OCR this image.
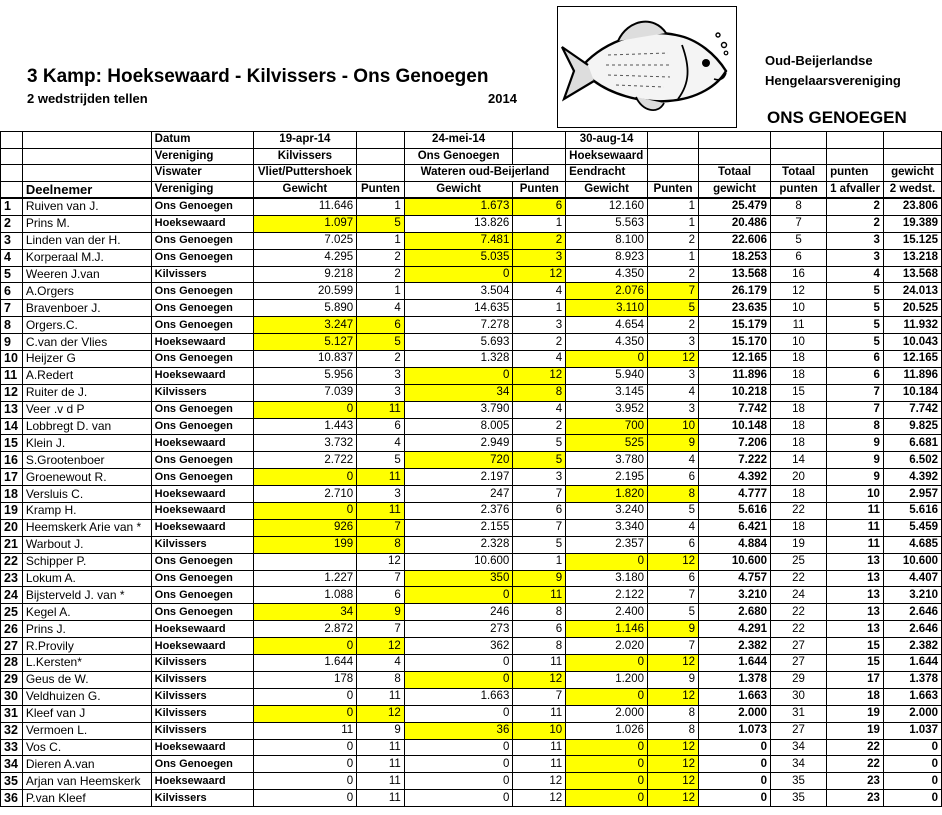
3 Kamp: Hoeksewaard - Kilvissers - Ons Genoegen
2 wedstrijden tellen	2014
Oud-Beijerlandse
Hengelaarsvereniging
ONS GENOEGEN
		Datum	19-apr-14		24-mei-14		30-aug-14					
		Vereniging	Kilvissers		Ons Genoegen		Hoeksewaard					
		Viswater	Vliet/Puttershoek		Wateren oud-Beijerland		Eendracht		Totaal	Totaal	punten	gewicht
	Deelnemer	Vereniging	Gewicht	Punten	Gewicht	Punten	Gewicht	Punten	gewicht	punten	1 afvaller	2 wedst.
1	Ruiven van J.	Ons Genoegen	11.646	1	1.673	6	12.160	1	25.479	8	2	23.806
2	Prins M.	Hoeksewaard	1.097	5	13.826	1	5.563	1	20.486	7	2	19.389
3	Linden van der H.	Ons Genoegen	7.025	1	7.481	2	8.100	2	22.606	5	3	15.125
4	Korperaal M.J.	Ons Genoegen	4.295	2	5.035	3	8.923	1	18.253	6	3	13.218
5	Weeren J.van	Kilvissers	9.218	2	0	12	4.350	2	13.568	16	4	13.568
6	A.Orgers	Ons Genoegen	20.599	1	3.504	4	2.076	7	26.179	12	5	24.013
7	Bravenboer J.	Ons Genoegen	5.890	4	14.635	1	3.110	5	23.635	10	5	20.525
8	Orgers.C.	Ons Genoegen	3.247	6	7.278	3	4.654	2	15.179	11	5	11.932
9	C.van der Vlies	Hoeksewaard	5.127	5	5.693	2	4.350	3	15.170	10	5	10.043
10	Heijzer G	Ons Genoegen	10.837	2	1.328	4	0	12	12.165	18	6	12.165
11	A.Redert	Hoeksewaard	5.956	3	0	12	5.940	3	11.896	18	6	11.896
12	Ruiter de J.	Kilvissers	7.039	3	34	8	3.145	4	10.218	15	7	10.184
13	Veer .v d P	Ons Genoegen	0	11	3.790	4	3.952	3	7.742	18	7	7.742
14	Lobbregt D. van	Ons Genoegen	1.443	6	8.005	2	700	10	10.148	18	8	9.825
15	Klein J.	Hoeksewaard	3.732	4	2.949	5	525	9	7.206	18	9	6.681
16	S.Grootenboer	Ons Genoegen	2.722	5	720	5	3.780	4	7.222	14	9	6.502
17	Groenewout R.	Ons Genoegen	0	11	2.197	3	2.195	6	4.392	20	9	4.392
18	Versluis C.	Hoeksewaard	2.710	3	247	7	1.820	8	4.777	18	10	2.957
19	Kramp H.	Hoeksewaard	0	11	2.376	6	3.240	5	5.616	22	11	5.616
20	Heemskerk Arie van *	Hoeksewaard	926	7	2.155	7	3.340	4	6.421	18	11	5.459
21	Warbout J.	Kilvissers	199	8	2.328	5	2.357	6	4.884	19	11	4.685
22	Schipper P.	Ons Genoegen		12	10.600	1	0	12	10.600	25	13	10.600
23	Lokum A.	Ons Genoegen	1.227	7	350	9	3.180	6	4.757	22	13	4.407
24	Bijsterveld J. van *	Ons Genoegen	1.088	6	0	11	2.122	7	3.210	24	13	3.210
25	Kegel A.	Ons Genoegen	34	9	246	8	2.400	5	2.680	22	13	2.646
26	Prins J.	Hoeksewaard	2.872	7	273	6	1.146	9	4.291	22	13	2.646
27	R.Provily	Hoeksewaard	0	12	362	8	2.020	7	2.382	27	15	2.382
28	L.Kersten*	Kilvissers	1.644	4	0	11	0	12	1.644	27	15	1.644
29	Geus de W.	Kilvissers	178	8	0	12	1.200	9	1.378	29	17	1.378
30	Veldhuizen G.	Kilvissers	0	11	1.663	7	0	12	1.663	30	18	1.663
31	Kleef van J	Kilvissers	0	12	0	11	2.000	8	2.000	31	19	2.000
32	Vermoen L.	Kilvissers	11	9	36	10	1.026	8	1.073	27	19	1.037
33	Vos C.	Hoeksewaard	0	11	0	11	0	12	0	34	22	0
34	Dieren A.van	Ons Genoegen	0	11	0	11	0	12	0	34	22	0
35	Arjan van Heemskerk	Hoeksewaard	0	11	0	12	0	12	0	35	23	0
36	P.van Kleef	Kilvissers	0	11	0	12	0	12	0	35	23	0
